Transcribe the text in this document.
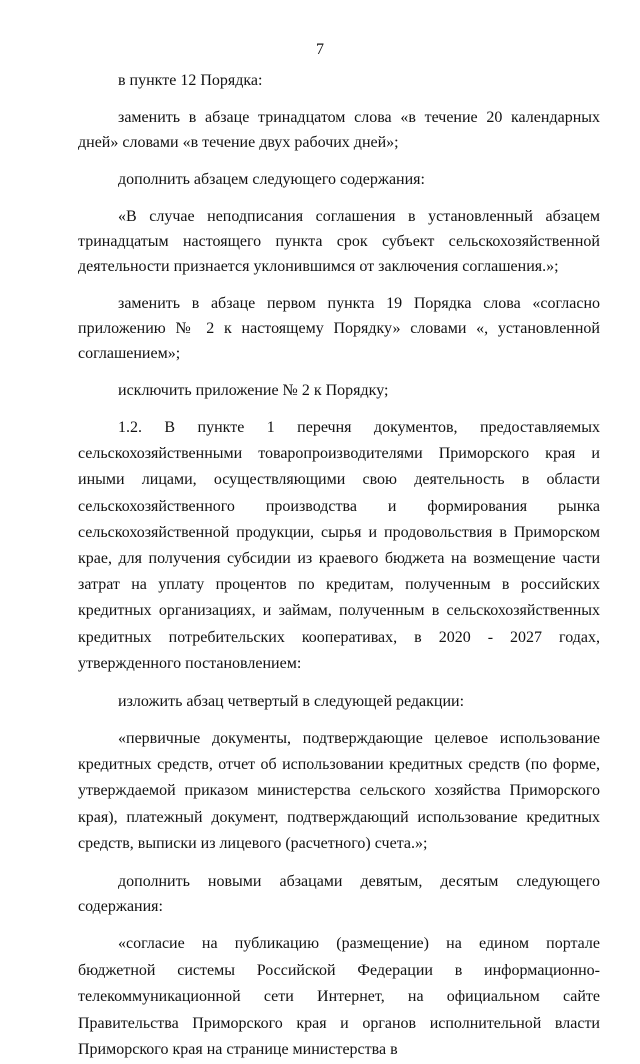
7

в пункте 12 Порядка:

заменить в абзаце тринадцатом слова «в течение 20 календарных дней» словами «в течение двух рабочих дней»;

дополнить абзацем следующего содержания:

«В случае неподписания соглашения в установленный абзацем тринадцатым настоящего пункта срок субъект сельскохозяйственной деятельности признается уклонившимся от заключения соглашения.»;

заменить в абзаце первом пункта 19 Порядка слова «согласно приложению № 2 к настоящему Порядку» словами «, установленной соглашением»;

исключить приложение № 2 к Порядку;

1.2. В пункте 1 перечня документов, предоставляемых сельскохозяйственными товаропроизводителями Приморского края и иными лицами, осуществляющими свою деятельность в области сельскохозяйственного производства и формирования рынка сельскохозяйственной продукции, сырья и продовольствия в Приморском крае, для получения субсидии из краевого бюджета на возмещение части затрат на уплату процентов по кредитам, полученным в российских кредитных организациях, и займам, полученным в сельскохозяйственных кредитных потребительских кооперативах, в 2020 - 2027 годах, утвержденного постановлением:

изложить абзац четвертый в следующей редакции:

«первичные документы, подтверждающие целевое использование кредитных средств, отчет об использовании кредитных средств (по форме, утверждаемой приказом министерства сельского хозяйства Приморского края), платежный документ, подтверждающий использование кредитных средств, выписки из лицевого (расчетного) счета.»;

дополнить новыми абзацами девятым, десятым следующего содержания:

«согласие на публикацию (размещение) на едином портале бюджетной системы Российской Федерации в информационно-телекоммуникационной сети Интернет, на официальном сайте Правительства Приморского края и органов исполнительной власти Приморского края на странице министерства в
